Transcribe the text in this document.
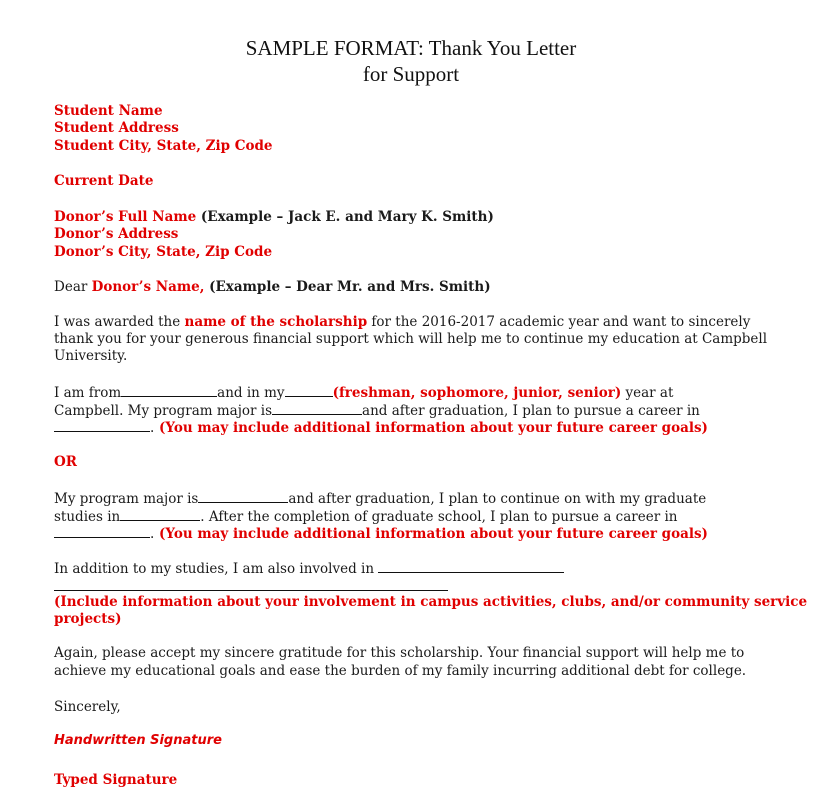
SAMPLE FORMAT: Thank You Letter
for Support
Student Name
Student Address
Student City, State, Zip Code
Current Date
Donor’s Full Name (Example – Jack E. and Mary K. Smith)
Donor’s Address
Donor’s City, State, Zip Code
Dear Donor’s Name, (Example – Dear Mr. and Mrs. Smith)
I was awarded the name of the scholarship for the 2016-2017 academic year and want to sincerely
thank you for your generous financial support which will help me to continue my education at Campbell
University.
I am from	and in my	(freshman, sophomore, junior, senior) year at
Campbell. My program major is	and after graduation, I plan to pursue a career in
. (You may include additional information about your future career goals)
OR
My program major is	and after graduation, I plan to continue on with my graduate
studies in	. After the completion of graduate school, I plan to pursue a career in
. (You may include additional information about your future career goals)
In addition to my studies, I am also involved in
(Include information about your involvement in campus activities, clubs, and/or community service
projects)
Again, please accept my sincere gratitude for this scholarship. Your financial support will help me to
achieve my educational goals and ease the burden of my family incurring additional debt for college.
Sincerely,
Handwritten Signature
Typed Signature
